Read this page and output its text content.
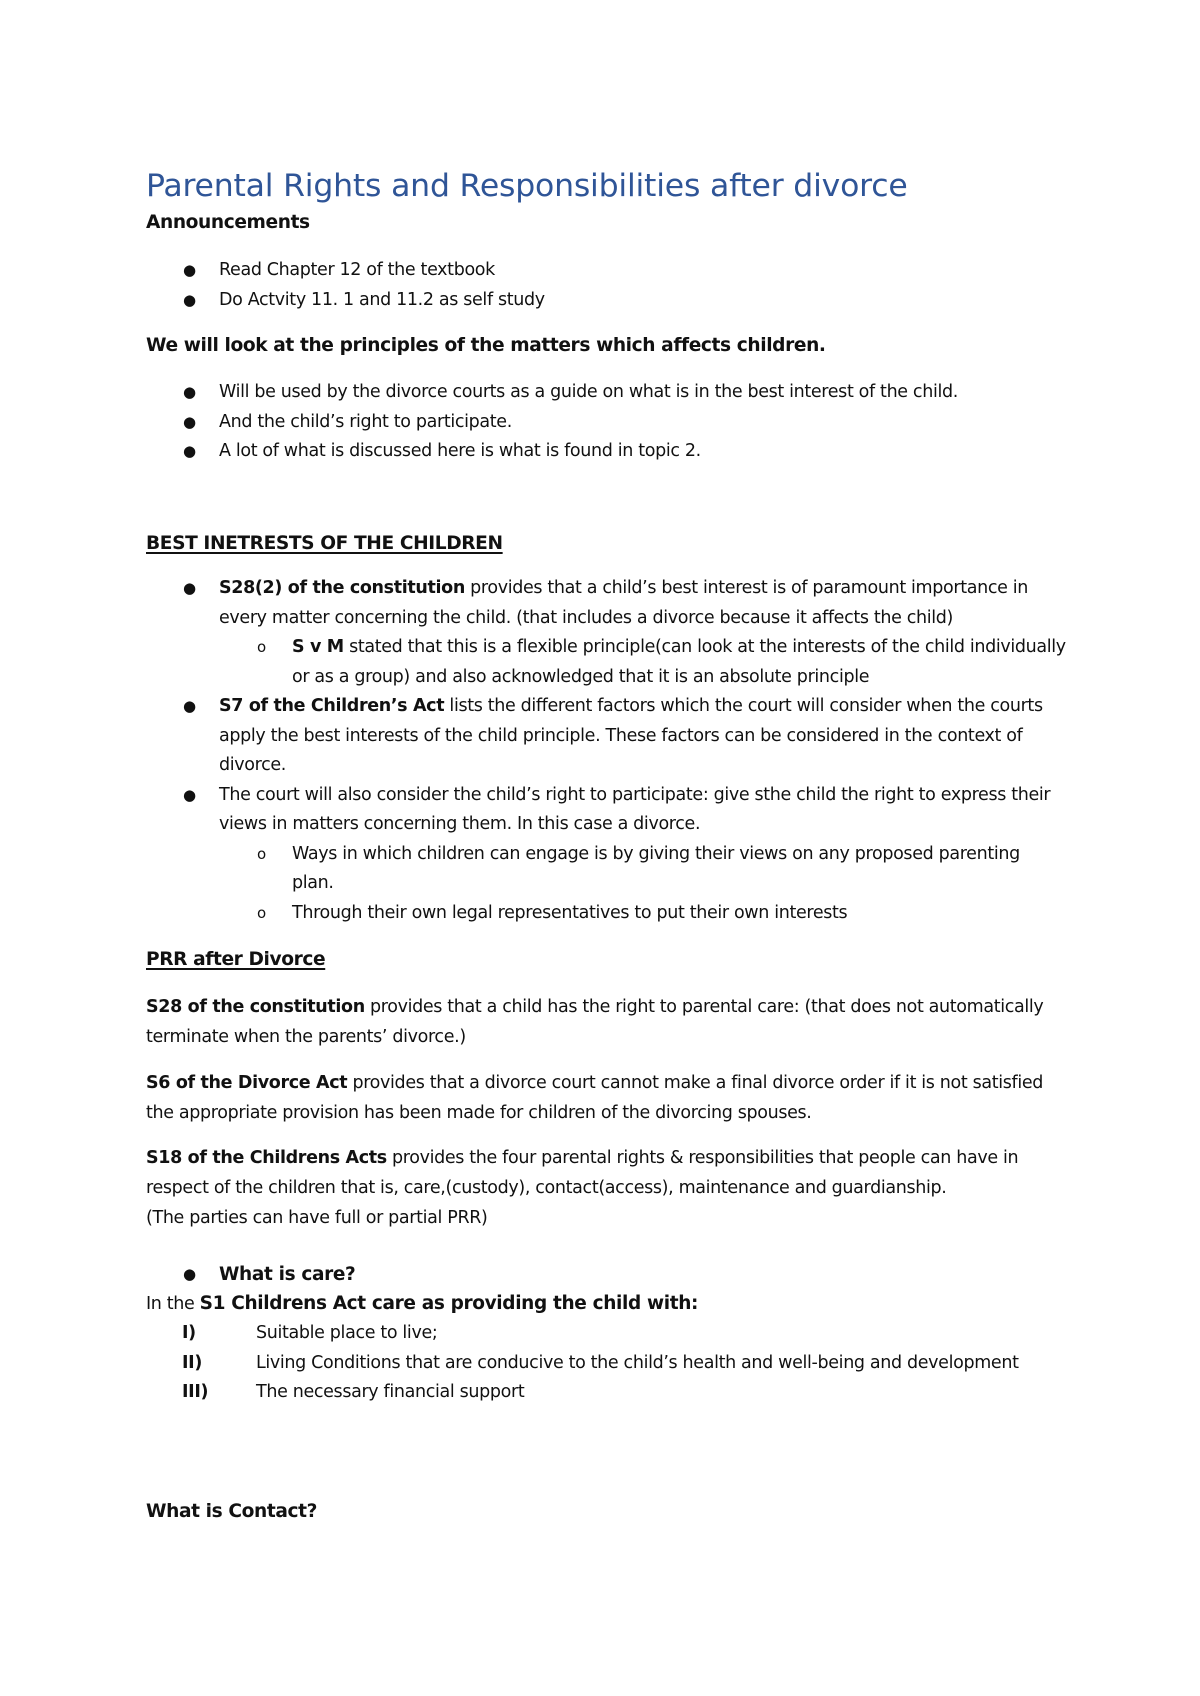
Parental Rights and Responsibilities after divorce

Announcements

● Read Chapter 12 of the textbook
● Do Actvity 11. 1 and 11.2 as self study

We will look at the principles of the matters which affects children.

● Will be used by the divorce courts as a guide on what is in the best interest of the child.
● And the child’s right to participate.
● A lot of what is discussed here is what is found in topic 2.

BEST INETRESTS OF THE CHILDREN

● S28(2) of the constitution provides that a child’s best interest is of paramount importance in every matter concerning the child. (that includes a divorce because it affects the child)
o S v M stated that this is a flexible principle(can look at the interests of the child individually or as a group) and also acknowledged that it is an absolute principle
● S7 of the Children’s Act lists the different factors which the court will consider when the courts apply the best interests of the child principle. These factors can be considered in the context of divorce.
● The court will also consider the child’s right to participate: give sthe child the right to express their views in matters concerning them. In this case a divorce.
o Ways in which children can engage is by giving their views on any proposed parenting plan.
o Through their own legal representatives to put their own interests

PRR after Divorce

S28 of the constitution provides that a child has the right to parental care: (that does not automatically terminate when the parents’ divorce.)

S6 of the Divorce Act provides that a divorce court cannot make a final divorce order if it is not satisfied the appropriate provision has been made for children of the divorcing spouses.

S18 of the Childrens Acts provides the four parental rights & responsibilities that people can have in respect of the children that is, care,(custody), contact(access), maintenance and guardianship.
(The parties can have full or partial PRR)

● What is care?

In the S1 Childrens Act care as providing the child with:

I)	Suitable place to live;
II)	Living Conditions that are conducive to the child’s health and well-being and development
III)	The necessary financial support

What is Contact?
